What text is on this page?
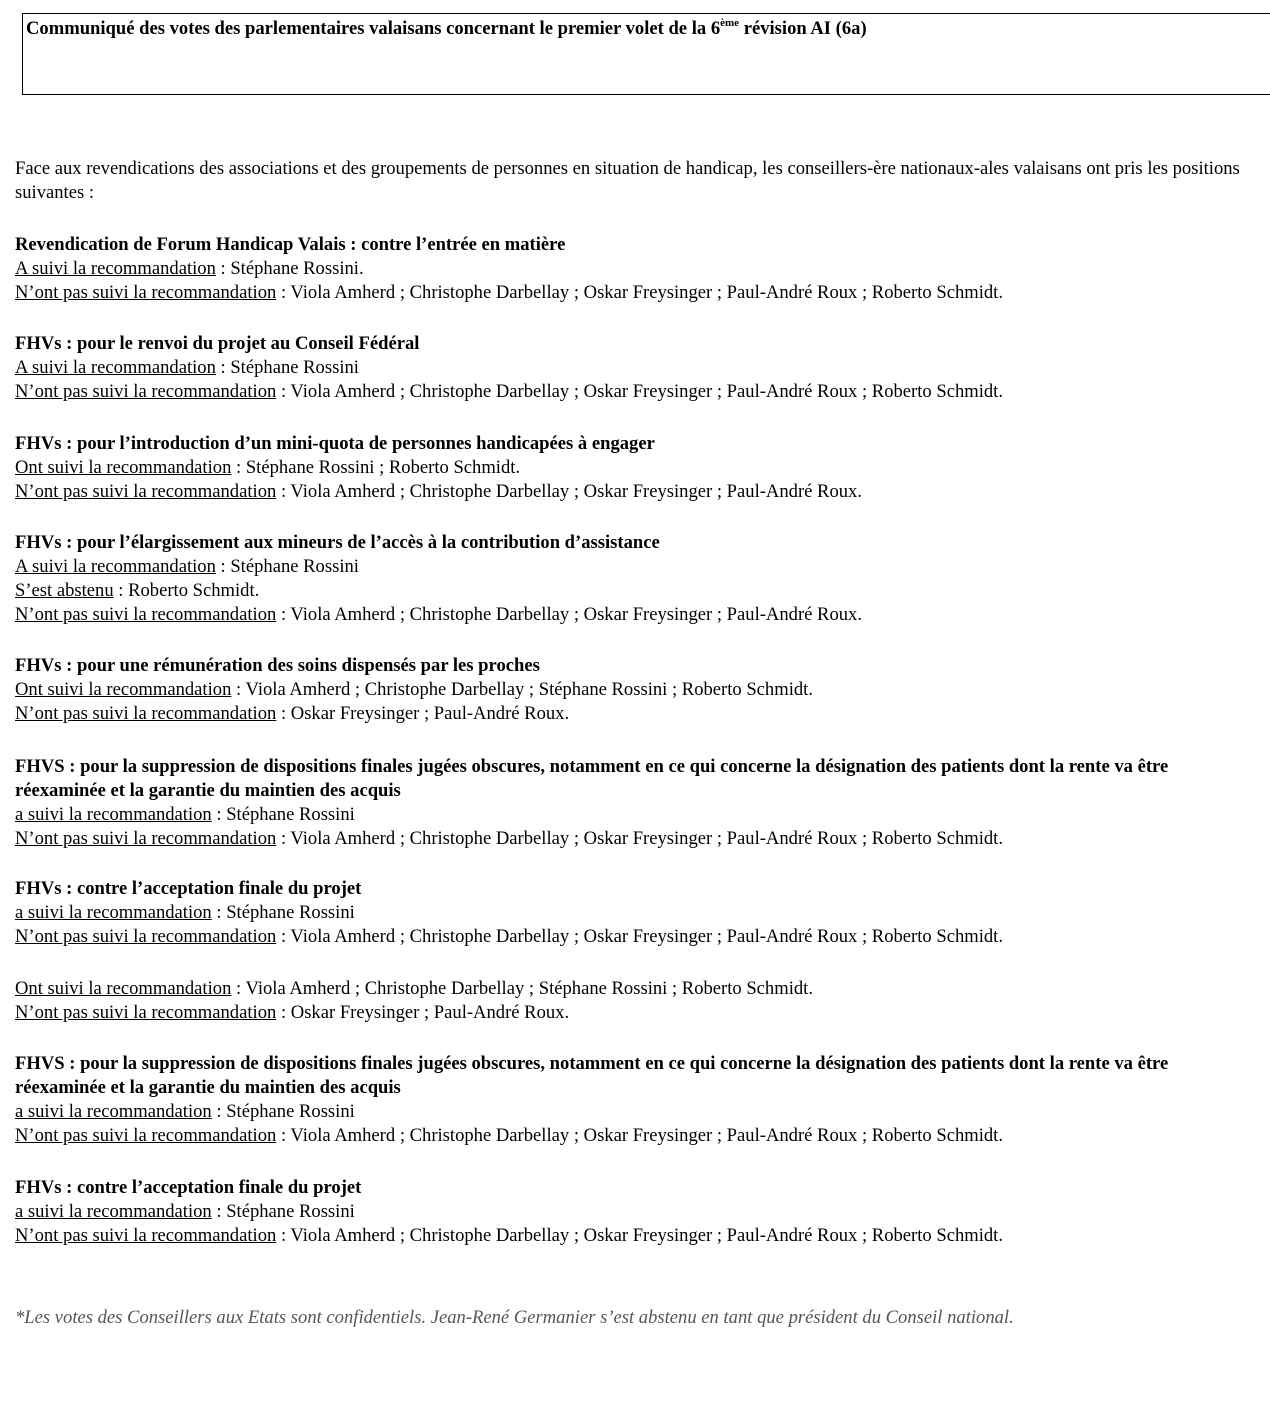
Communiqué des votes des parlementaires valaisans concernant le premier volet de la 6ème révision AI (6a)

Face aux revendications des associations et des groupements de personnes en situation de handicap, les conseillers-ère nationaux-ales valaisans ont pris les positions suivantes :

Revendication de Forum Handicap Valais : contre l’entrée en matière
A suivi la recommandation : Stéphane Rossini.
N’ont pas suivi la recommandation : Viola Amherd ; Christophe Darbellay ; Oskar Freysinger ; Paul-André Roux ; Roberto Schmidt.
FHVs : pour le renvoi du projet au Conseil Fédéral
A suivi la recommandation : Stéphane Rossini
N’ont pas suivi la recommandation : Viola Amherd ; Christophe Darbellay ; Oskar Freysinger ; Paul-André Roux ; Roberto Schmidt.
FHVs : pour l’introduction d’un mini-quota de personnes handicapées à engager
Ont suivi la recommandation : Stéphane Rossini ; Roberto Schmidt.
N’ont pas suivi la recommandation : Viola Amherd ; Christophe Darbellay ; Oskar Freysinger ; Paul-André Roux.
FHVs : pour l’élargissement aux mineurs de l’accès à la contribution d’assistance
A suivi la recommandation : Stéphane Rossini
S’est abstenu : Roberto Schmidt.
N’ont pas suivi la recommandation : Viola Amherd ; Christophe Darbellay ; Oskar Freysinger ; Paul-André Roux.
FHVs : pour une rémunération des soins dispensés par les proches
Ont suivi la recommandation : Viola Amherd ; Christophe Darbellay ; Stéphane Rossini ; Roberto Schmidt.
N’ont pas suivi la recommandation : Oskar Freysinger ; Paul-André Roux.
FHVS : pour la suppression de dispositions finales jugées obscures, notamment en ce qui concerne la désignation des patients dont la rente va être réexaminée et la garantie du maintien des acquis
a suivi la recommandation : Stéphane Rossini
N’ont pas suivi la recommandation : Viola Amherd ; Christophe Darbellay ; Oskar Freysinger ; Paul-André Roux ; Roberto Schmidt.
FHVs : contre l’acceptation finale du projet
a suivi la recommandation : Stéphane Rossini
N’ont pas suivi la recommandation : Viola Amherd ; Christophe Darbellay ; Oskar Freysinger ; Paul-André Roux ; Roberto Schmidt.
Ont suivi la recommandation : Viola Amherd ; Christophe Darbellay ; Stéphane Rossini ; Roberto Schmidt.
N’ont pas suivi la recommandation : Oskar Freysinger ; Paul-André Roux.
FHVS : pour la suppression de dispositions finales jugées obscures, notamment en ce qui concerne la désignation des patients dont la rente va être réexaminée et la garantie du maintien des acquis
a suivi la recommandation : Stéphane Rossini
N’ont pas suivi la recommandation : Viola Amherd ; Christophe Darbellay ; Oskar Freysinger ; Paul-André Roux ; Roberto Schmidt.
FHVs : contre l’acceptation finale du projet
a suivi la recommandation : Stéphane Rossini
N’ont pas suivi la recommandation : Viola Amherd ; Christophe Darbellay ; Oskar Freysinger ; Paul-André Roux ; Roberto Schmidt.

*Les votes des Conseillers aux Etats sont confidentiels. Jean-René Germanier s’est abstenu en tant que président du Conseil national.
